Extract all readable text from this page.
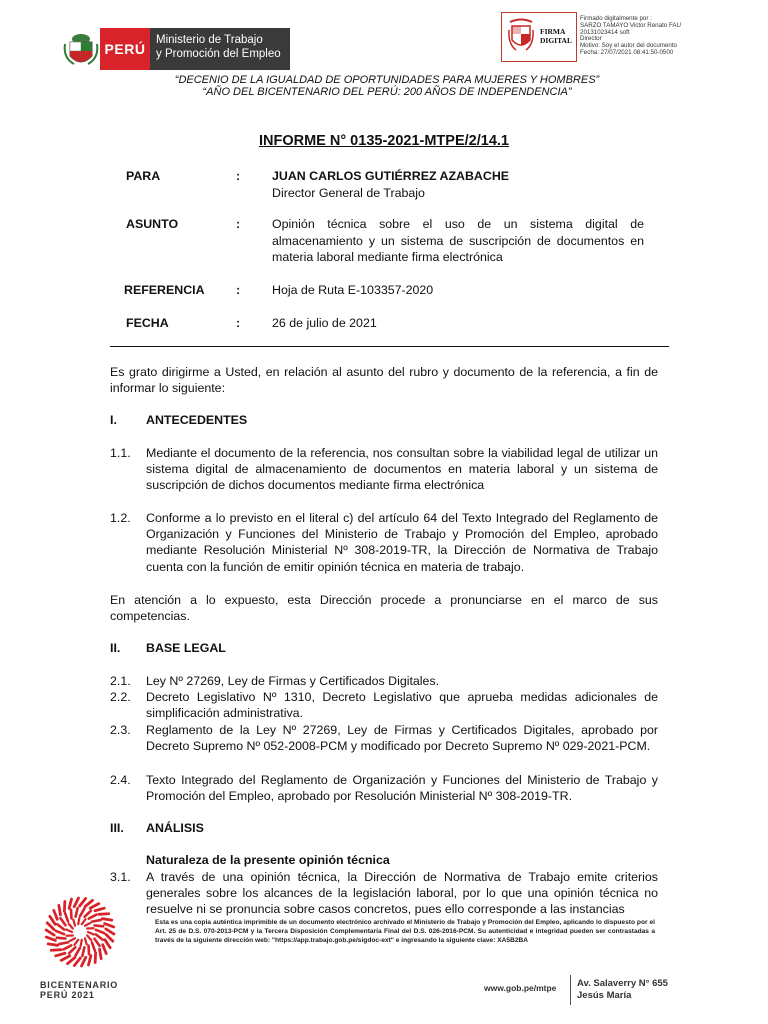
PERÚ
Ministerio de Trabajo
y Promoción del Empleo
FIRMA
DIGITAL
Firmado digitalmente por :
SARZO TAMAYO Victor Renato FAU
20131023414 soft
Director
Motivo: Soy el autor del documento
Fecha: 27/07/2021 08:41:50-0500
“DECENIO DE LA IGUALDAD DE OPORTUNIDADES PARA MUJERES Y HOMBRES”
“AÑO DEL BICENTENARIO DEL PERÚ: 200 AÑOS DE INDEPENDENCIA”
INFORME N° 0135-2021-MTPE/2/14.1
PARA	:	JUAN CARLOS GUTIÉRREZ AZABACHE
Director General de Trabajo
ASUNTO	:	Opinión técnica sobre el uso de un sistema digital de almacenamiento y un sistema de suscripción de documentos en materia laboral mediante firma electrónica
REFERENCIA	:	Hoja de Ruta E-103357-2020
FECHA	:	26 de julio de 2021
Es grato dirigirme a Usted, en relación al asunto del rubro y documento de la referencia, a fin de informar lo siguiente:
I. ANTECEDENTES
1.1. Mediante el documento de la referencia, nos consultan sobre la viabilidad legal de utilizar un sistema digital de almacenamiento de documentos en materia laboral y un sistema de suscripción de dichos documentos mediante firma electrónica
1.2. Conforme a lo previsto en el literal c) del artículo 64 del Texto Integrado del Reglamento de Organización y Funciones del Ministerio de Trabajo y Promoción del Empleo, aprobado mediante Resolución Ministerial Nº 308-2019-TR, la Dirección de Normativa de Trabajo cuenta con la función de emitir opinión técnica en materia de trabajo.
En atención a lo expuesto, esta Dirección procede a pronunciarse en el marco de sus competencias.
II. BASE LEGAL
2.1. Ley Nº 27269, Ley de Firmas y Certificados Digitales.
2.2. Decreto Legislativo Nº 1310, Decreto Legislativo que aprueba medidas adicionales de simplificación administrativa.
2.3. Reglamento de la Ley Nº 27269, Ley de Firmas y Certificados Digitales, aprobado por Decreto Supremo Nº 052-2008-PCM y modificado por Decreto Supremo Nº 029-2021-PCM.
2.4. Texto Integrado del Reglamento de Organización y Funciones del Ministerio de Trabajo y Promoción del Empleo, aprobado por Resolución Ministerial Nº 308-2019-TR.
III. ANÁLISIS
Naturaleza de la presente opinión técnica
3.1. A través de una opinión técnica, la Dirección de Normativa de Trabajo emite criterios generales sobre los alcances de la legislación laboral, por lo que una opinión técnica no resuelve ni se pronuncia sobre casos concretos, pues ello corresponde a las instancias
Esta es una copia auténtica imprimible de un documento electrónico archivado el Ministerio de Trabajo y Promoción del Empleo, aplicando lo dispuesto por el Art. 25 de D.S. 070-2013-PCM y la Tercera Disposición Complementaria Final del D.S. 026-2016-PCM. Su autenticidad e integridad pueden ser contrastadas a través de la siguiente dirección web: "https://app.trabajo.gob.pe/sigdoc-ext" e ingresando la siguiente clave: XA5B2BA
BICENTENARIO
PERÚ 2021
www.gob.pe/mtpe Av. Salaverry N° 655
Jesús María
